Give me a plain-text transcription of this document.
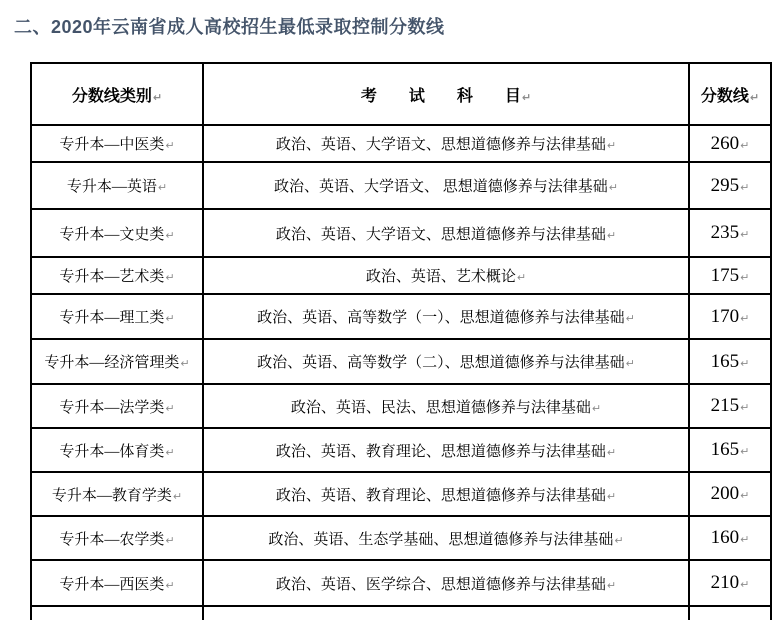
二、2020年云南省成人高校招生最低录取控制分数线
分数线类别↵	考　　试　　科　　目↵	分数线↵
专升本—中医类↵	政治、英语、大学语文、思想道德修养与法律基础↵	260↵
专升本—英语↵	政治、英语、大学语文、 思想道德修养与法律基础↵	295↵
专升本—文史类↵	政治、英语、大学语文、思想道德修养与法律基础↵	235↵
专升本—艺术类↵	政治、英语、艺术概论↵	175↵
专升本—理工类↵	政治、英语、高等数学（一）、思想道德修养与法律基础↵	170↵
专升本—经济管理类↵	政治、英语、高等数学（二）、思想道德修养与法律基础↵	165↵
专升本—法学类↵	政治、英语、民法、思想道德修养与法律基础↵	215↵
专升本—体育类↵	政治、英语、教育理论、思想道德修养与法律基础↵	165↵
专升本—教育学类↵	政治、英语、教育理论、思想道德修养与法律基础↵	200↵
专升本—农学类↵	政治、英语、生态学基础、思想道德修养与法律基础↵	160↵
专升本—西医类↵	政治、英语、医学综合、思想道德修养与法律基础↵	210↵
